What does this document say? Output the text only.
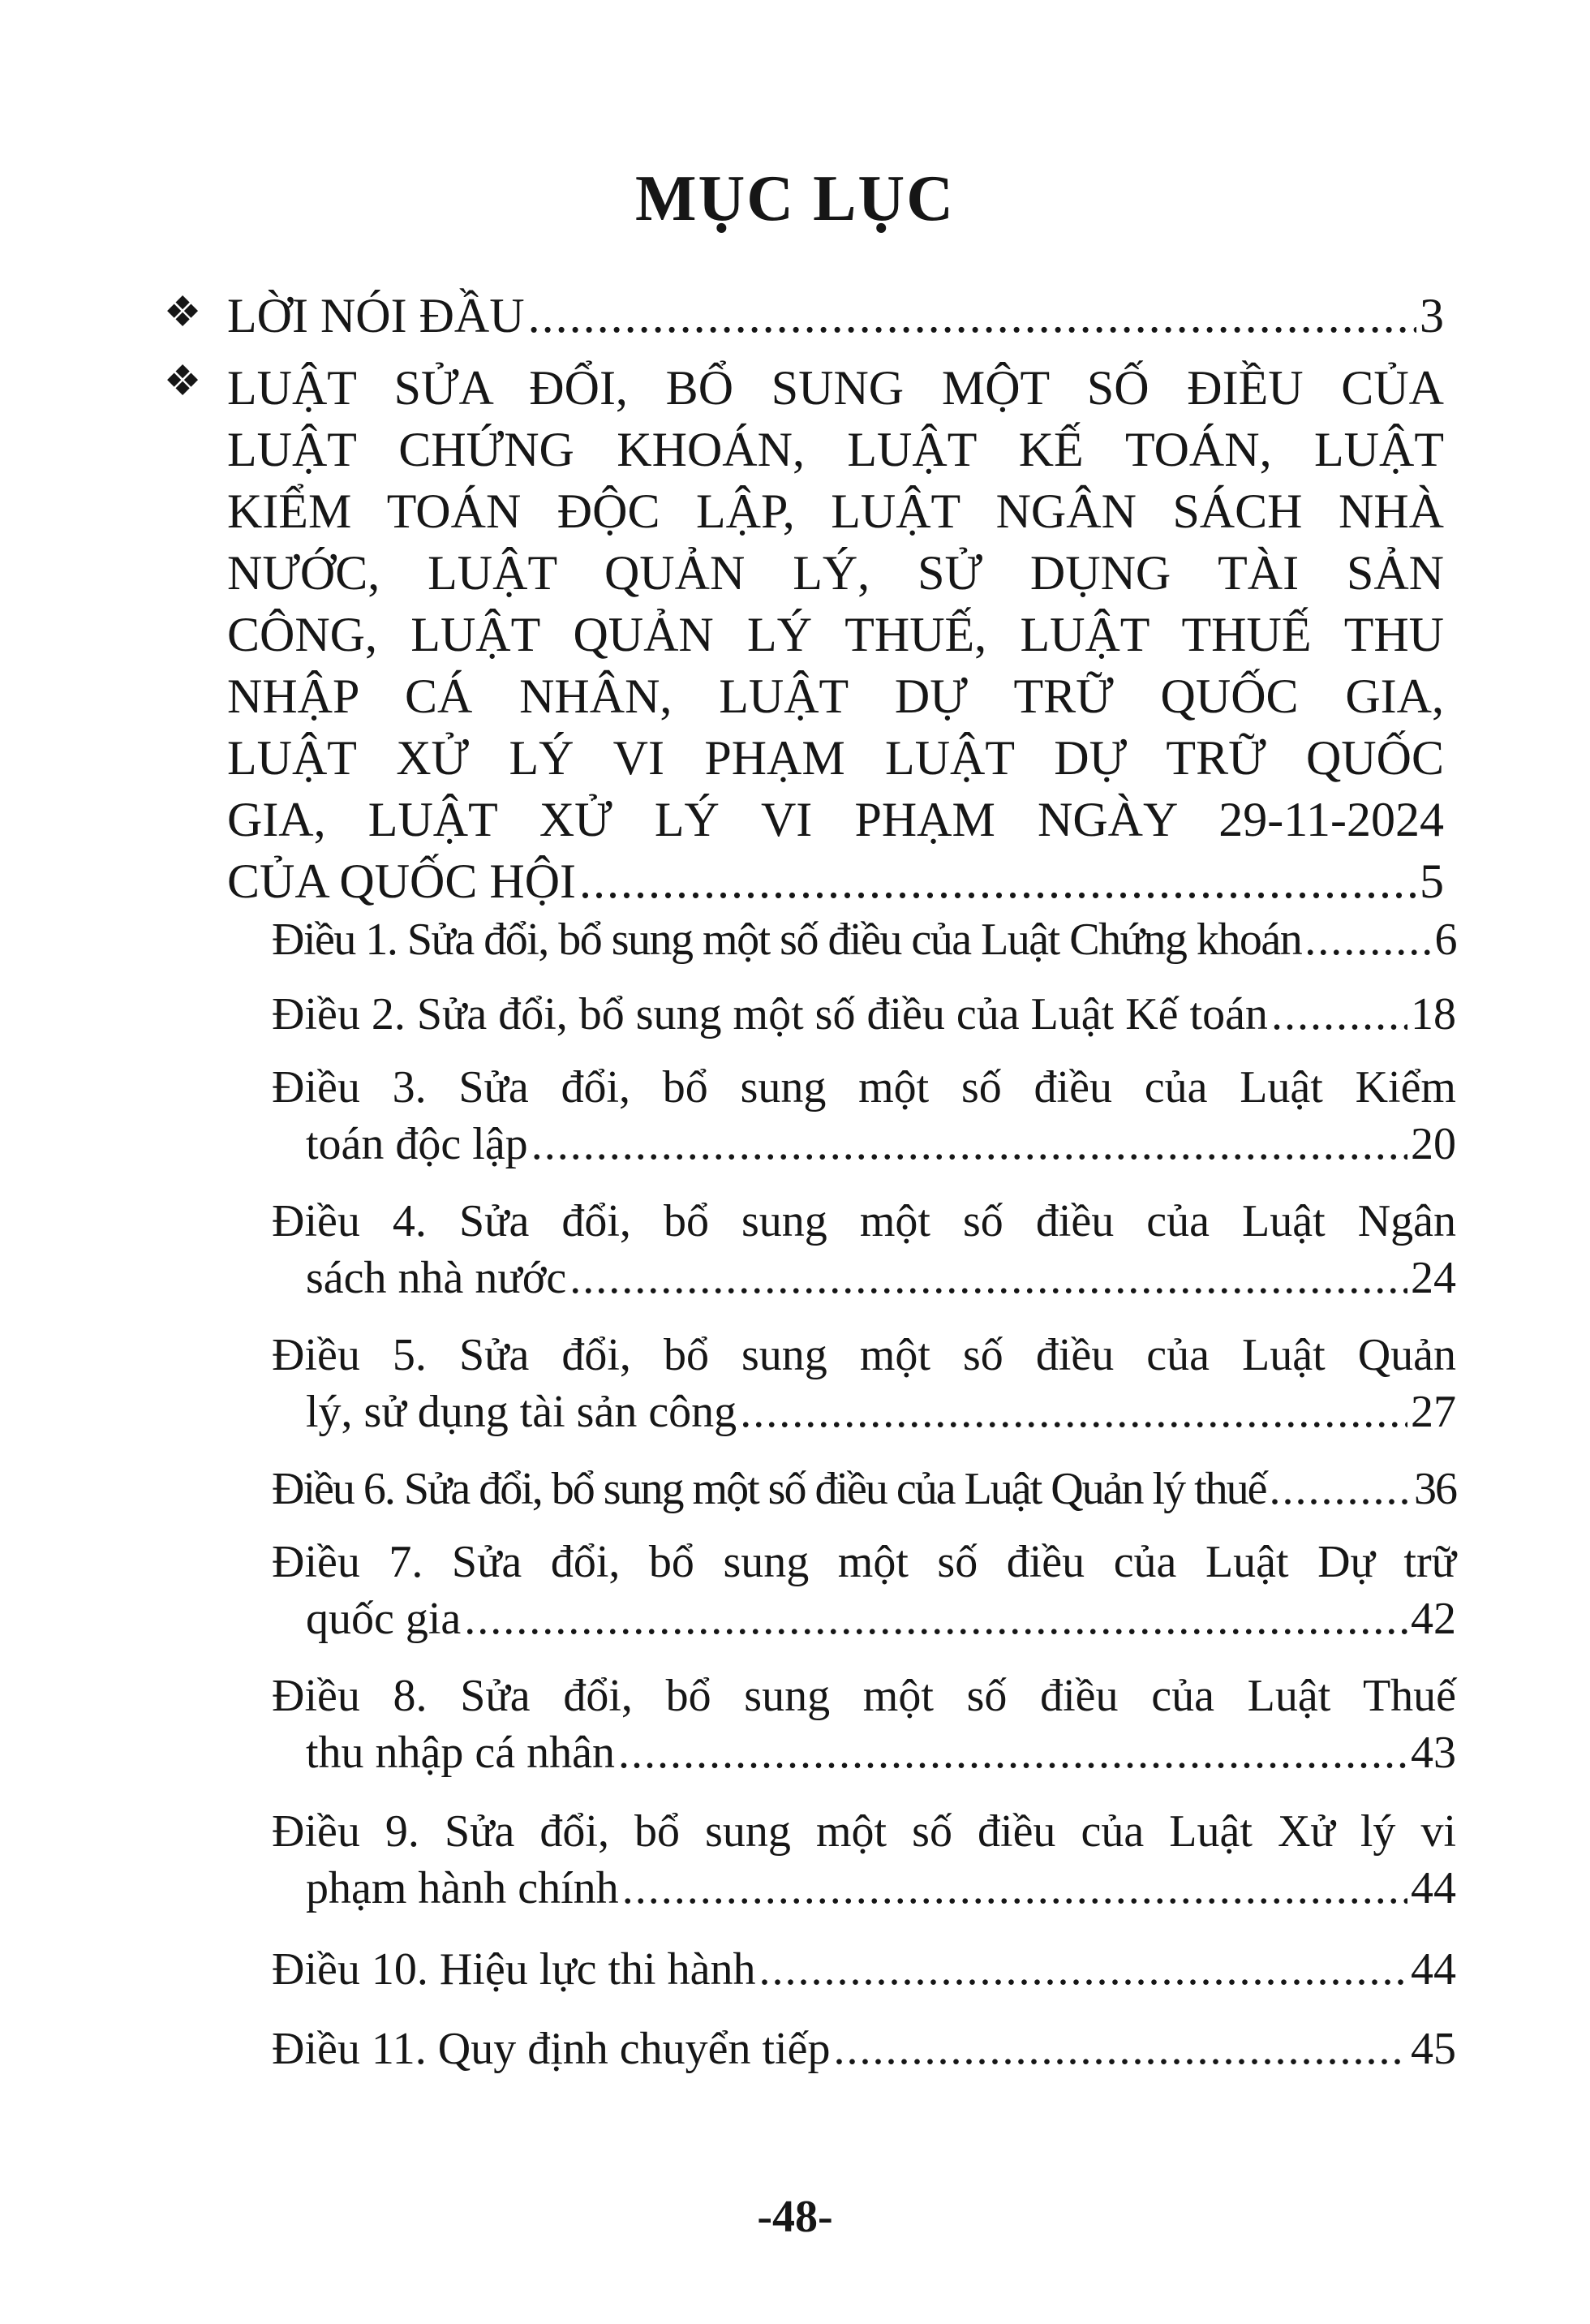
MỤC LỤC
❖ LỜI NÓI ĐẦU .....	3
❖ LUẬT SỬA ĐỔI, BỔ SUNG MỘT SỐ ĐIỀU CỦA
LUẬT CHỨNG KHOÁN, LUẬT KẾ TOÁN, LUẬT
KIỂM TOÁN ĐỘC LẬP, LUẬT NGÂN SÁCH NHÀ
NƯỚC, LUẬT QUẢN LÝ, SỬ DỤNG TÀI SẢN
CÔNG, LUẬT QUẢN LÝ THUẾ, LUẬT THUẾ THU
NHẬP CÁ NHÂN, LUẬT DỰ TRỮ QUỐC GIA,
LUẬT XỬ LÝ VI PHẠM LUẬT DỰ TRỮ QUỐC
GIA, LUẬT XỬ LÝ VI PHẠM NGÀY 29-11-2024
CỦA QUỐC HỘI .....	5
Điều 1. Sửa đổi, bổ sung một số điều của Luật Chứng khoán .....	6
Điều 2. Sửa đổi, bổ sung một số điều của Luật Kế toán .....	18
Điều 3. Sửa đổi, bổ sung một số điều của Luật Kiểm
toán độc lập .....	20
Điều 4. Sửa đổi, bổ sung một số điều của Luật Ngân
sách nhà nước .....	24
Điều 5. Sửa đổi, bổ sung một số điều của Luật Quản
lý, sử dụng tài sản công .....	27
Điều 6. Sửa đổi, bổ sung một số điều của Luật Quản lý thuế .....	36
Điều 7. Sửa đổi, bổ sung một số điều của Luật Dự trữ
quốc gia .....	42
Điều 8. Sửa đổi, bổ sung một số điều của Luật Thuế
thu nhập cá nhân .....	43
Điều 9. Sửa đổi, bổ sung một số điều của Luật Xử lý vi
phạm hành chính .....	44
Điều 10. Hiệu lực thi hành .....	44
Điều 11. Quy định chuyển tiếp .....	45
-48-
